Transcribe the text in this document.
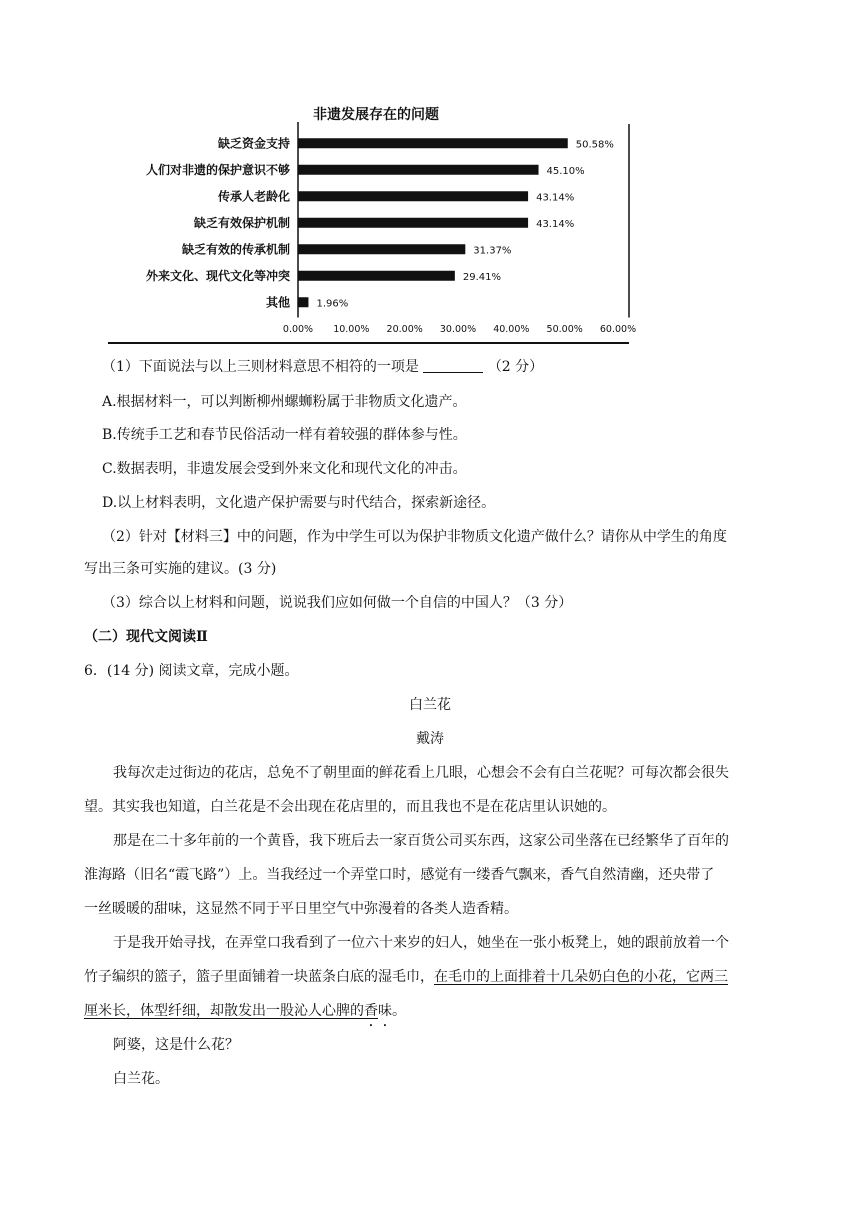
非遗发展存在的问题
缺乏资金支持	50.58%
人们对非遗的保护意识不够	45.10%
传承人老龄化	43.14%
缺乏有效保护机制	43.14%
缺乏有效的传承机制	31.37%
外来文化、现代文化等冲突	29.41%
其他	1.96%
0.00% 10.00% 20.00% 30.00% 40.00% 50.00% 60.00%
（1）下面说法与以上三则材料意思不相符的一项是	（2 分）
A.根据材料一，可以判断柳州螺蛳粉属于非物质文化遗产。
B.传统手工艺和春节民俗活动一样有着较强的群体参与性。
C.数据表明，非遗发展会受到外来文化和现代文化的冲击。
D.以上材料表明，文化遗产保护需要与时代结合，探索新途径。
（2）针对【材料三】中的问题，作为中学生可以为保护非物质文化遗产做什么？请你从中学生的角度
写出三条可实施的建议。(3 分)
（3）综合以上材料和问题，说说我们应如何做一个自信的中国人？（3 分）
（二）现代文阅读Ⅱ
6．(14 分) 阅读文章，完成小题。
白兰花
戴涛
我每次走过街边的花店，总免不了朝里面的鲜花看上几眼，心想会不会有白兰花呢？可每次都会很失
望。其实我也知道，白兰花是不会出现在花店里的，而且我也不是在花店里认识她的。
那是在二十多年前的一个黄昏，我下班后去一家百货公司买东西，这家公司坐落在已经繁华了百年的
淮海路（旧名“霞飞路”）上。当我经过一个弄堂口时，感觉有一缕香气飘来，香气自然清幽，还央带了
一丝暖暖的甜味，这显然不同于平日里空气中弥漫着的各类人造香精。
于是我开始寻找，在弄堂口我看到了一位六十来岁的妇人，她坐在一张小板凳上，她的跟前放着一个
竹子编织的篮子，篮子里面铺着一块蓝条白底的湿毛巾，在毛巾的上面排着十几朵奶白色的小花，它两三
厘米长，体型纤细，却散发出一股沁人心脾的香味。
阿婆，这是什么花？
白兰花。
